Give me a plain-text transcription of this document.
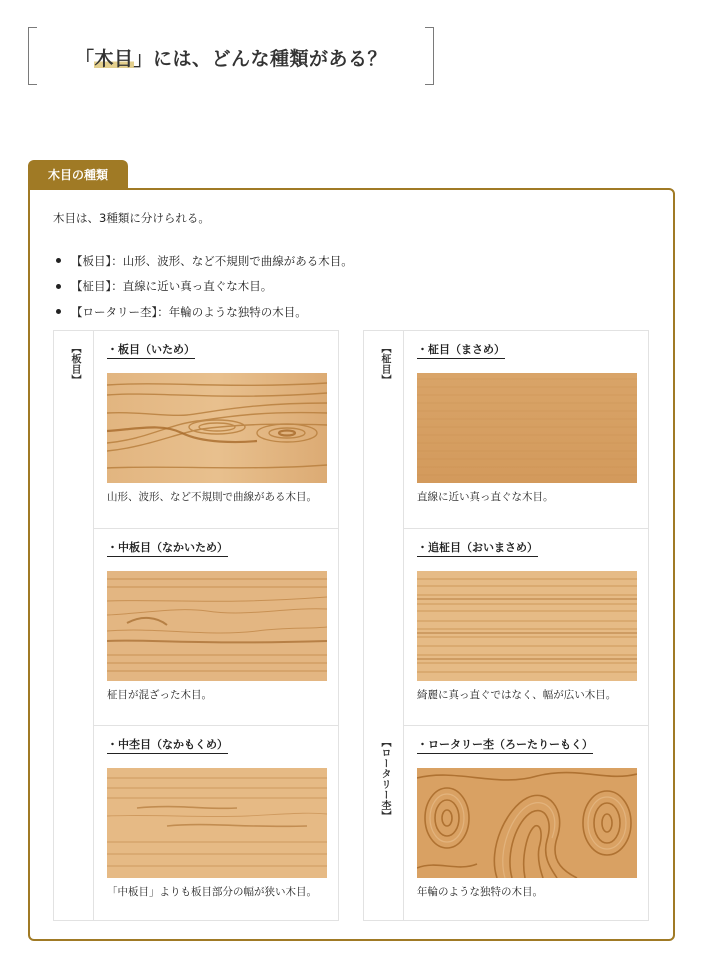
「木目」には、どんな種類がある？
木目の種類
木目は、3種類に分けられる。
【板目】：山形、波形、など不規則で曲線がある木目。
【柾目】：直線に近い真っ直ぐな木目。
【ロータリー杢】：年輪のような独特の木目。
【板目】 ・板目（いため）
山形、波形、など不規則で曲線がある木目。
・中板目（なかいため）
柾目が混ざった木目。
・中杢目（なかもくめ）
「中板目」よりも板目部分の幅が狭い木目。
【柾目】
【ロータリー杢】
・柾目（まさめ）
直線に近い真っ直ぐな木目。
・追柾目（おいまさめ）
綺麗に真っ直ぐではなく、幅が広い木目。
・ロータリー杢（ろーたりーもく）
年輪のような独特の木目。
